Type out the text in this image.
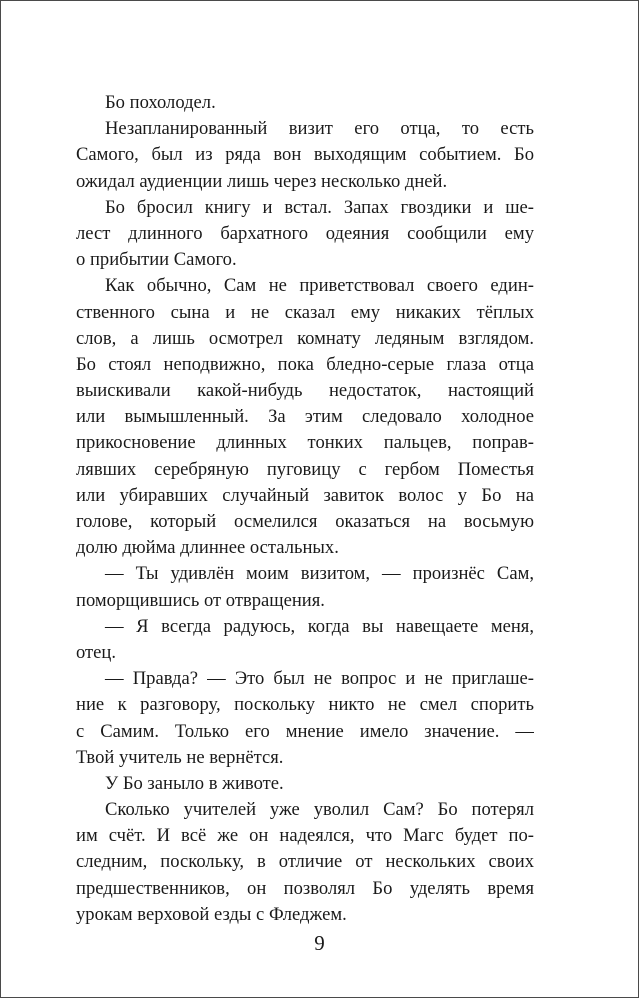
Бо похолодел.
Незапланированный визит его отца, то есть
Самого, был из ряда вон выходящим событием. Бо
ожидал аудиенции лишь через несколько дней.
Бо бросил книгу и встал. Запах гвоздики и ше-
лест длинного бархатного одеяния сообщили ему
о прибытии Самого.
Как обычно, Сам не приветствовал своего един-
ственного сына и не сказал ему никаких тёплых
слов, а лишь осмотрел комнату ледяным взглядом.
Бо стоял неподвижно, пока бледно-серые глаза отца
выискивали какой-нибудь недостаток, настоящий
или вымышленный. За этим следовало холодное
прикосновение длинных тонких пальцев, поправ-
лявших серебряную пуговицу с гербом Поместья
или убиравших случайный завиток волос у Бо на
голове, который осмелился оказаться на восьмую
долю дюйма длиннее остальных.
— Ты удивлён моим визитом, — произнёс Сам,
поморщившись от отвращения.
— Я всегда радуюсь, когда вы навещаете меня,
отец.
— Правда? — Это был не вопрос и не приглаше-
ние к разговору, поскольку никто не смел спорить
с Самим. Только его мнение имело значение. —
Твой учитель не вернётся.
У Бо заныло в животе.
Сколько учителей уже уволил Сам? Бо потерял
им счёт. И всё же он надеялся, что Магс будет по-
следним, поскольку, в отличие от нескольких своих
предшественников, он позволял Бо уделять время
урокам верховой езды с Фледжем.
9
